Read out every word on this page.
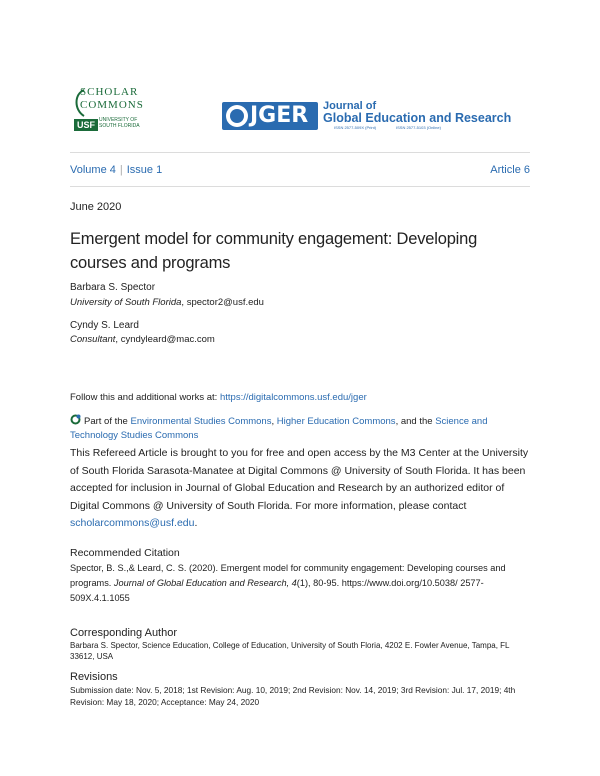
SCHOLAR
COMMONS
USF UNIVERSITY OF SOUTH FLORIDA	JGER Journal of
Global Education and Research
ISSN 2577-509X (Print)	ISSN 2577-5103 (Online)
Volume 4 | Issue 1	Article 6
June 2020
Emergent model for community engagement: Developing courses and programs
Barbara S. Spector
University of South Florida, spector2@usf.edu
Cyndy S. Leard
Consultant, cyndyleard@mac.com
Follow this and additional works at: https://digitalcommons.usf.edu/jger
Part of the Environmental Studies Commons, Higher Education Commons, and the Science and Technology Studies Commons
This Refereed Article is brought to you for free and open access by the M3 Center at the University of South Florida Sarasota-Manatee at Digital Commons @ University of South Florida. It has been accepted for inclusion in Journal of Global Education and Research by an authorized editor of Digital Commons @ University of South Florida. For more information, please contact scholarcommons@usf.edu.
Recommended Citation
Spector, B. S.,& Leard, C. S. (2020). Emergent model for community engagement: Developing courses and programs. Journal of Global Education and Research, 4(1), 80-95. https://www.doi.org/10.5038/ 2577-509X.4.1.1055
Corresponding Author
Barbara S. Spector, Science Education, College of Education, University of South Floria, 4202 E. Fowler Avenue, Tampa, FL 33612, USA
Revisions
Submission date: Nov. 5, 2018; 1st Revision: Aug. 10, 2019; 2nd Revision: Nov. 14, 2019; 3rd Revision: Jul. 17, 2019; 4th Revision: May 18, 2020; Acceptance: May 24, 2020
